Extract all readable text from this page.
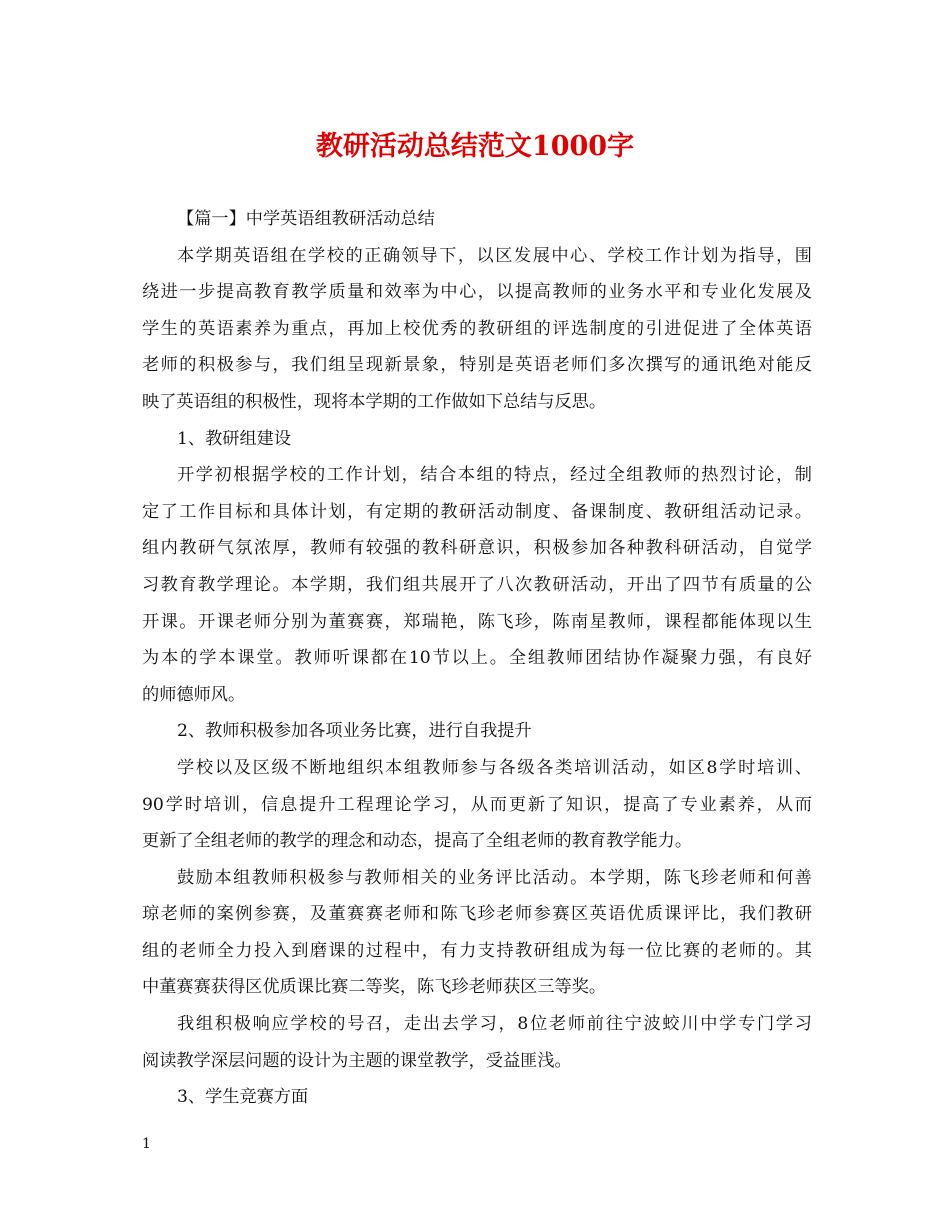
教研活动总结范文1000字
【篇一】中学英语组教研活动总结
本学期英语组在学校的正确领导下，以区发展中心、学校工作计划为指导，围
绕进一步提高教育教学质量和效率为中心，以提高教师的业务水平和专业化发展及
学生的英语素养为重点，再加上校优秀的教研组的评选制度的引进促进了全体英语
老师的积极参与，我们组呈现新景象，特别是英语老师们多次撰写的通讯绝对能反
映了英语组的积极性，现将本学期的工作做如下总结与反思。
1、教研组建设
开学初根据学校的工作计划，结合本组的特点，经过全组教师的热烈讨论，制
定了工作目标和具体计划，有定期的教研活动制度、备课制度、教研组活动记录。
组内教研气氛浓厚，教师有较强的教科研意识，积极参加各种教科研活动，自觉学
习教育教学理论。本学期，我们组共展开了八次教研活动，开出了四节有质量的公
开课。开课老师分别为董赛赛，郑瑞艳，陈飞珍，陈南星教师，课程都能体现以生
为本的学本课堂。教师听课都在10节以上。全组教师团结协作凝聚力强，有良好
的师德师风。
2、教师积极参加各项业务比赛，进行自我提升
学校以及区级不断地组织本组教师参与各级各类培训活动，如区8学时培训、
90学时培训，信息提升工程理论学习，从而更新了知识，提高了专业素养，从而
更新了全组老师的教学的理念和动态，提高了全组老师的教育教学能力。
鼓励本组教师积极参与教师相关的业务评比活动。本学期，陈飞珍老师和何善
琼老师的案例参赛，及董赛赛老师和陈飞珍老师参赛区英语优质课评比，我们教研
组的老师全力投入到磨课的过程中，有力支持教研组成为每一位比赛的老师的。其
中董赛赛获得区优质课比赛二等奖，陈飞珍老师获区三等奖。
我组积极响应学校的号召，走出去学习，8位老师前往宁波蛟川中学专门学习
阅读教学深层问题的设计为主题的课堂教学，受益匪浅。
3、学生竞赛方面
1
